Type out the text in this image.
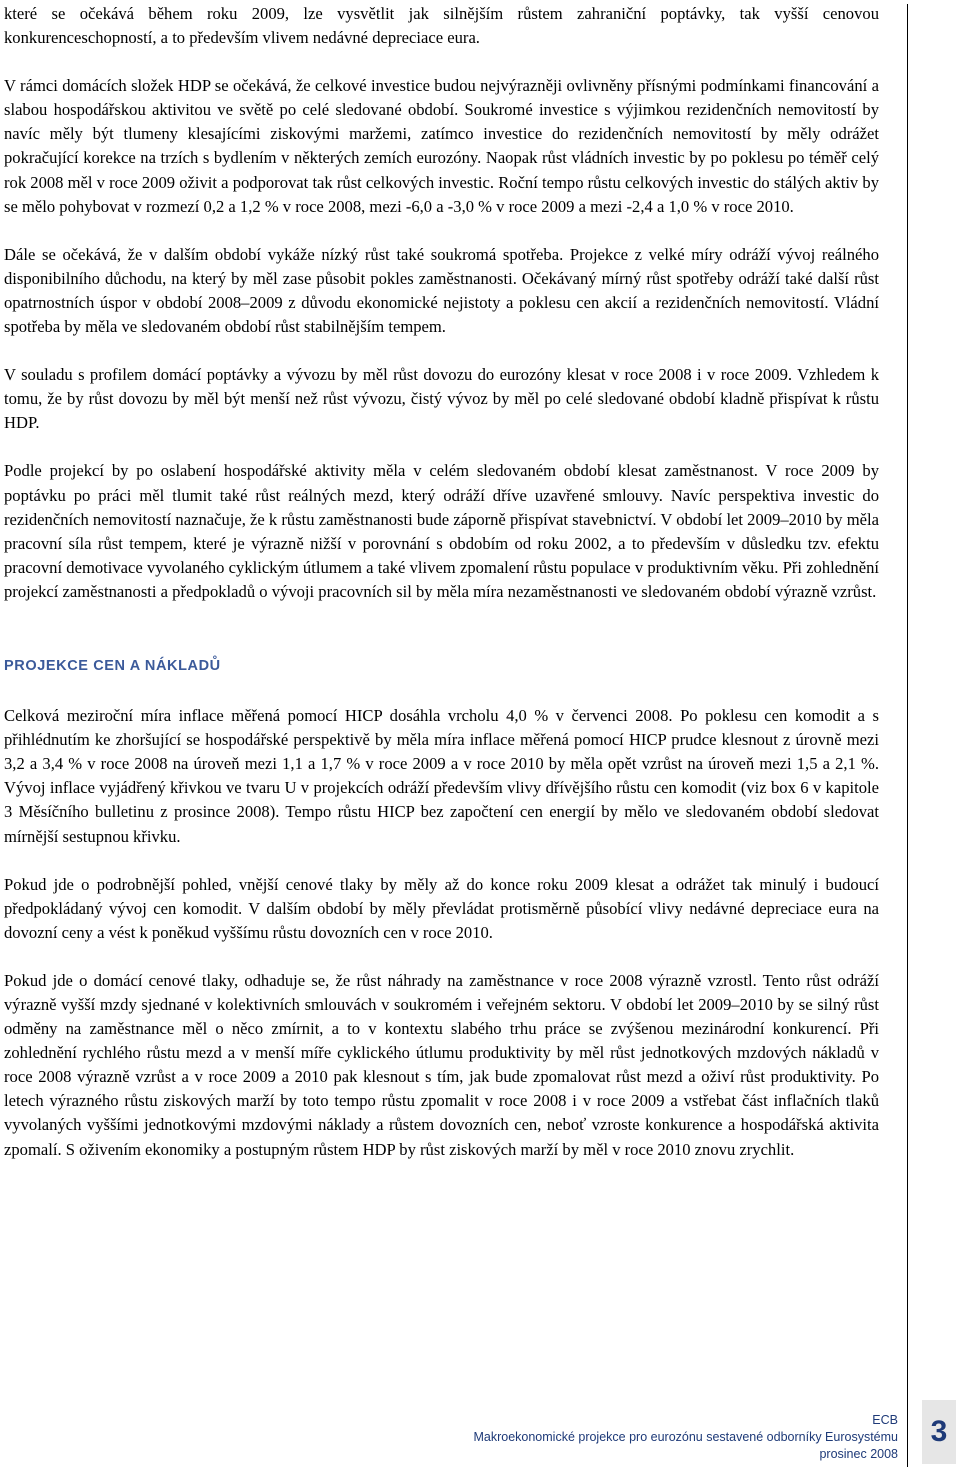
které se očekává během roku 2009, lze vysvětlit jak silnějším růstem zahraniční poptávky, tak vyšší cenovou konkurenceschopností, a to především vlivem nedávné depreciace eura.

V rámci domácích složek HDP se očekává, že celkové investice budou nejvýrazněji ovlivněny přísnými podmínkami financování a slabou hospodářskou aktivitou ve světě po celé sledované období. Soukromé investice s výjimkou rezidenčních nemovitostí by navíc měly být tlumeny klesajícími ziskovými maržemi, zatímco investice do rezidenčních nemovitostí by měly odrážet pokračující korekce na trzích s bydlením v některých zemích eurozóny. Naopak růst vládních investic by po poklesu po téměř celý rok 2008 měl v roce 2009 oživit a podporovat tak růst celkových investic. Roční tempo růstu celkových investic do stálých aktiv by se mělo pohybovat v rozmezí 0,2 a 1,2 % v roce 2008, mezi -6,0 a -3,0 % v roce 2009 a mezi -2,4 a 1,0 % v roce 2010.

Dále se očekává, že v dalším období vykáže nízký růst také soukromá spotřeba. Projekce z velké míry odráží vývoj reálného disponibilního důchodu, na který by měl zase působit pokles zaměstnanosti. Očekávaný mírný růst spotřeby odráží také další růst opatrnostních úspor v období 2008–2009 z důvodu ekonomické nejistoty a poklesu cen akcií a rezidenčních nemovitostí. Vládní spotřeba by měla ve sledovaném období růst stabilnějším tempem.

V souladu s profilem domácí poptávky a vývozu by měl růst dovozu do eurozóny klesat v roce 2008 i v roce 2009. Vzhledem k tomu, že by růst dovozu by měl být menší než růst vývozu, čistý vývoz by měl po celé sledované období kladně přispívat k růstu HDP.

Podle projekcí by po oslabení hospodářské aktivity měla v celém sledovaném období klesat zaměstnanost. V roce 2009 by poptávku po práci měl tlumit také růst reálných mezd, který odráží dříve uzavřené smlouvy. Navíc perspektiva investic do rezidenčních nemovitostí naznačuje, že k růstu zaměstnanosti bude záporně přispívat stavebnictví. V období let 2009–2010 by měla pracovní síla růst tempem, které je výrazně nižší v porovnání s obdobím od roku 2002, a to především v důsledku tzv. efektu pracovní demotivace vyvolaného cyklickým útlumem a také vlivem zpomalení růstu populace v produktivním věku. Při zohlednění projekcí zaměstnanosti a předpokladů o vývoji pracovních sil by měla míra nezaměstnanosti ve sledovaném období výrazně vzrůst.

PROJEKCE CEN A NÁKLADŮ

Celková meziroční míra inflace měřená pomocí HICP dosáhla vrcholu 4,0 % v červenci 2008. Po poklesu cen komodit a s přihlédnutím ke zhoršující se hospodářské perspektivě by měla míra inflace měřená pomocí HICP prudce klesnout z úrovně mezi 3,2 a 3,4 % v roce 2008 na úroveň mezi 1,1 a 1,7 % v roce 2009 a v roce 2010 by měla opět vzrůst na úroveň mezi 1,5 a 2,1 %. Vývoj inflace vyjádřený křivkou ve tvaru U v projekcích odráží především vlivy dřívějšího růstu cen komodit (viz box 6 v kapitole 3 Měsíčního bulletinu z prosince 2008). Tempo růstu HICP bez započtení cen energií by mělo ve sledovaném období sledovat mírnější sestupnou křivku.

Pokud jde o podrobnější pohled, vnější cenové tlaky by měly až do konce roku 2009 klesat a odrážet tak minulý i budoucí předpokládaný vývoj cen komodit. V dalším období by měly převládat protisměrně působící vlivy nedávné depreciace eura na dovozní ceny a vést k poněkud vyššímu růstu dovozních cen v roce 2010.

Pokud jde o domácí cenové tlaky, odhaduje se, že růst náhrady na zaměstnance v roce 2008 výrazně vzrostl. Tento růst odráží výrazně vyšší mzdy sjednané v kolektivních smlouvách v soukromém i veřejném sektoru. V období let 2009–2010 by se silný růst odměny na zaměstnance měl o něco zmírnit, a to v kontextu slabého trhu práce se zvýšenou mezinárodní konkurencí. Při zohlednění rychlého růstu mezd a v menší míře cyklického útlumu produktivity by měl růst jednotkových mzdových nákladů v roce 2008 výrazně vzrůst a v roce 2009 a 2010 pak klesnout s tím, jak bude zpomalovat růst mezd a oživí růst produktivity. Po letech výrazného růstu ziskových marží by toto tempo růstu zpomalit v roce 2008 i v roce 2009 a vstřebat část inflačních tlaků vyvolaných vyššími jednotkovými mzdovými náklady a růstem dovozních cen, neboť vzroste konkurence a hospodářská aktivita zpomalí. S oživením ekonomiky a postupným růstem HDP by růst ziskových marží by měl v roce 2010 znovu zrychlit.

ECB
Makroekonomické projekce pro eurozónu sestavené odborníky Eurosystému
prosinec 2008
3
